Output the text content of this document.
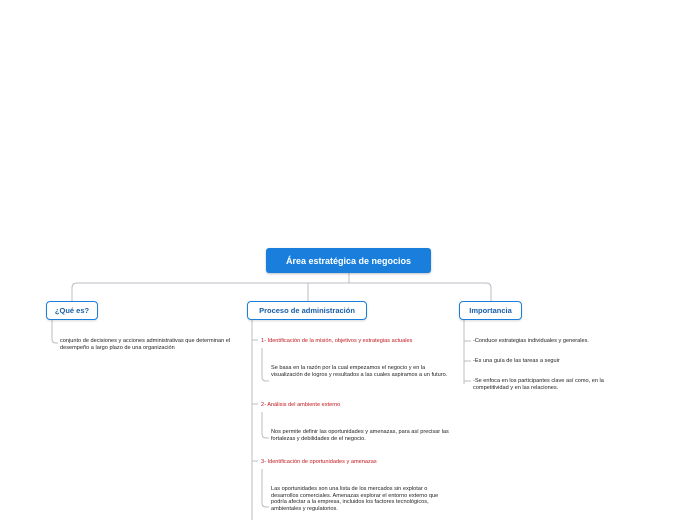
Área estratégica de negocios
¿Qué es?
conjunto de decisiones y acciones administrativas que determinan el desempeño a largo plazo de una organización
Proceso de administración
1- Identificación de la misión, objetivos y estrategias actuales
Se basa en la razón por la cual empezamos el negocio y en la visualización de logros y resultados a las cuales aspiramos a un futuro.
2- Análisis del ambiente externo
Nos permite definir las oportunidades y amenazas, para así precisar las fortalezas y debilidades de el negocio.
3- Identificación de oportunidades y amenazas
Las oportunidades son una lista de los mercados sin explotar o desarrollos comerciales. Amenazas explorar el entorno externo que podría afectar a la empresa, incluidos los factores tecnológicos, ambientales y regulatorios.
Importancia
-Conduce estrategias individuales y generales.
-Es una guía de las tareas a seguir
-Se enfoca en los participantes clave así como, en la competitividad y en las relaciones.
